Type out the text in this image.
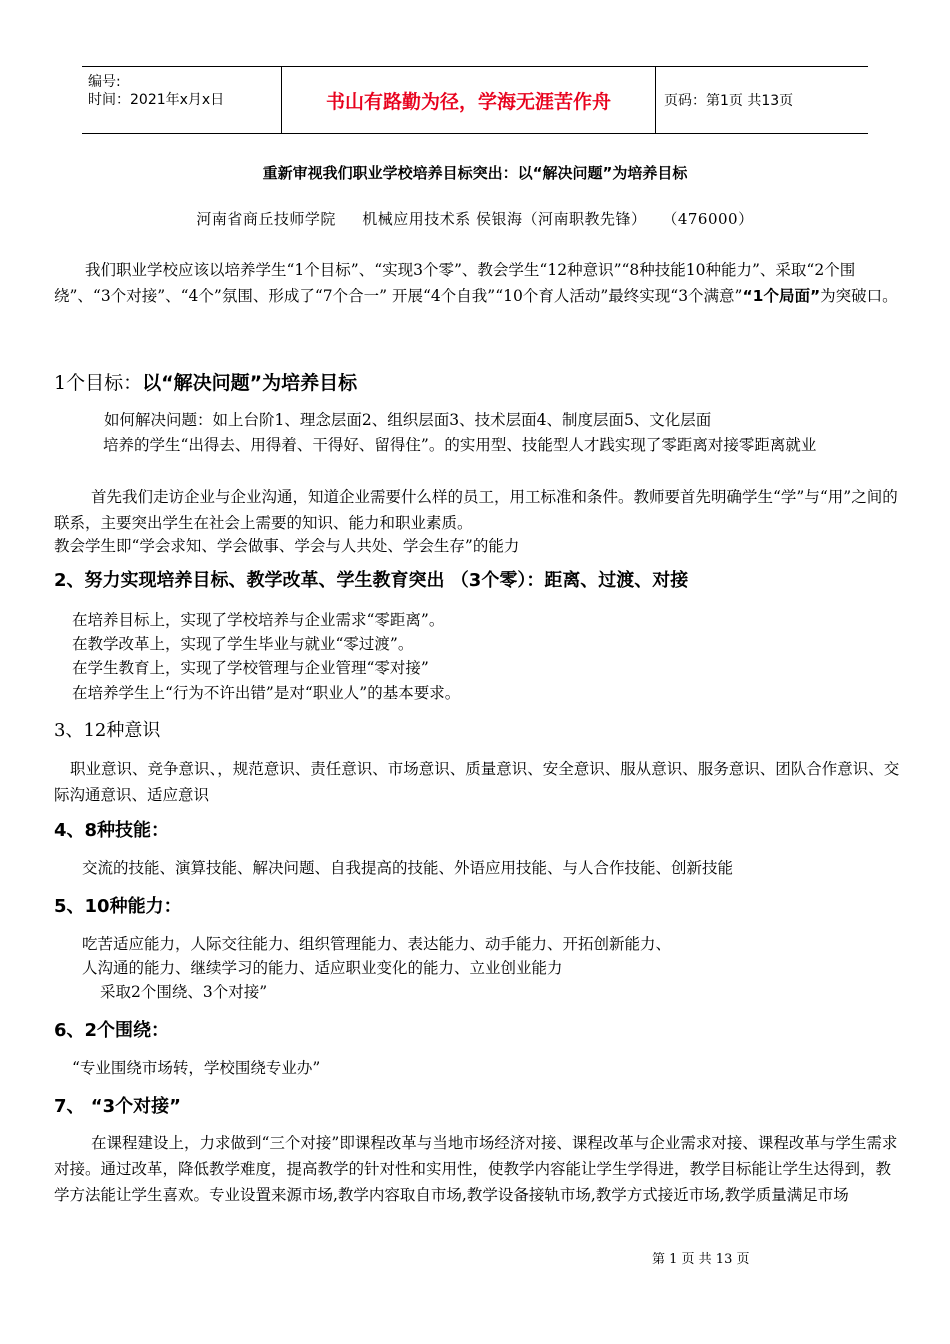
编号:
时间：2021年x月x日	书山有路勤为径，学海无涯苦作舟	页码：第1页 共13页
重新审视我们职业学校培养目标突出：以“解决问题”为培养目标
河南省商丘技师学院     机械应用技术系 侯银海（河南职教先锋）   （476000）

我们职业学校应该以培养学生“1个目标”、“实现3个零”、教会学生“12种意识”“8种技能10种能力”、采取“2个围绕”、“3个对接”、“4个”氛围、形成了“7个合一” 开展“4个自我”“10个育人活动”最终实现“3个满意”“1个局面”为突破口。

1个目标：以“解决问题”为培养目标
如何解决问题：如上台阶1、理念层面2、组织层面3、技术层面4、制度层面5、文化层面

培养的学生“出得去、用得着、干得好、留得住”。的实用型、技能型人才践实现了零距离对接零距离就业

首先我们走访企业与企业沟通，知道企业需要什么样的员工，用工标准和条件。教师要首先明确学生“学”与“用”之间的联系，主要突出学生在社会上需要的知识、能力和职业素质。

教会学生即“学会求知、学会做事、学会与人共处、学会生存”的能力
2、努力实现培养目标、教学改革、学生教育突出 （3个零）：距离、过渡、对接
在培养目标上，实现了学校培养与企业需求“零距离”。
在教学改革上，实现了学生毕业与就业“零过渡”。
在学生教育上，实现了学校管理与企业管理“零对接”
在培养学生上“行为不许出错”是对“职业人”的基本要求。
3、12种意识

职业意识、竞争意识、，规范意识、责任意识、市场意识、质量意识、安全意识、服从意识、服务意识、团队合作意识、交际沟通意识、适应意识

4、8种技能：
交流的技能、演算技能、解决问题、自我提高的技能、外语应用技能、与人合作技能、创新技能
5、10种能力：
吃苦适应能力，人际交往能力、组织管理能力、表达能力、动手能力、开拓创新能力、
人沟通的能力、继续学习的能力、适应职业变化的能力、立业创业能力
采取2个围绕、3个对接”
6、2个围绕：
“专业围绕市场转，学校围绕专业办”
7、 “3个对接”

在课程建设上，力求做到“三个对接”即课程改革与当地市场经济对接、课程改革与企业需求对接、课程改革与学生需求对接。通过改革，降低教学难度，提高教学的针对性和实用性，使教学内容能让学生学得进，教学目标能让学生达得到，教学方法能让学生喜欢。专业设置来源市场,教学内容取自市场,教学设备接轨市场,教学方式接近市场,教学质量满足市场

第 1 页 共 13 页
